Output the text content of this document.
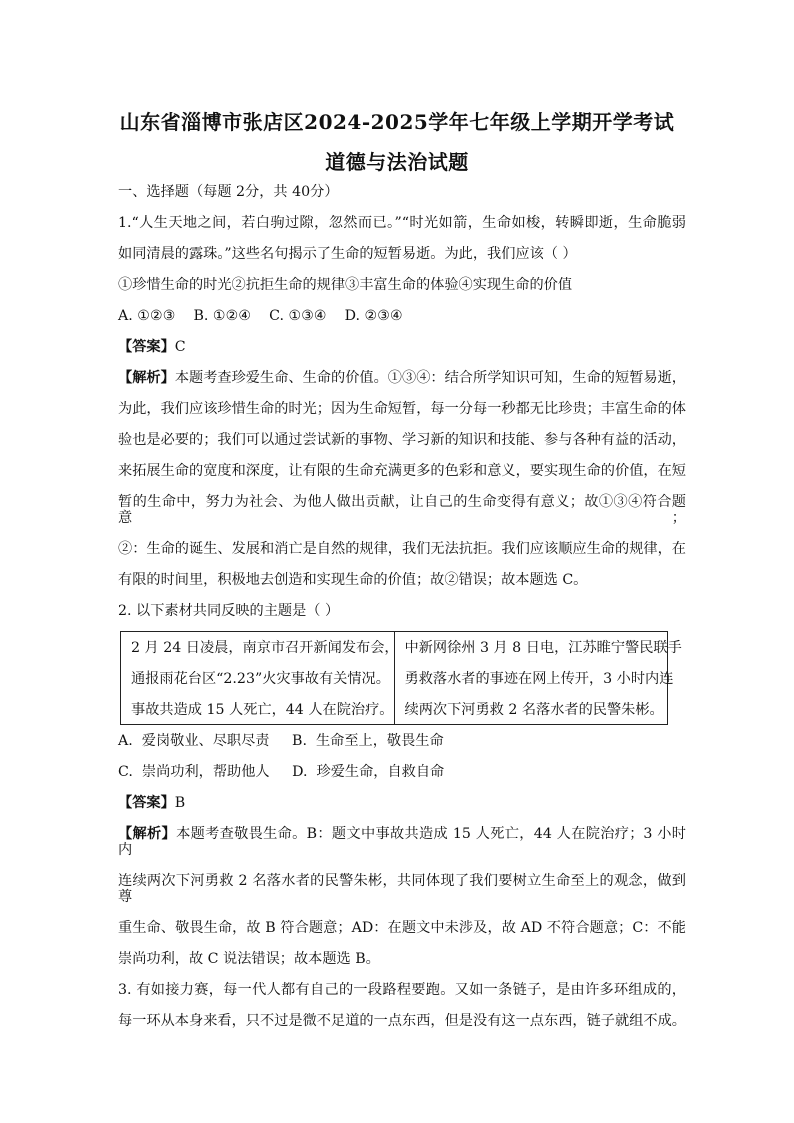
山东省淄博市张店区2024-2025学年七年级上学期开学考试
道德与法治试题
一、选择题（每题 2分，共 40分）
1.“人生天地之间，若白驹过隙，忽然而已。”“时光如箭，生命如梭，转瞬即逝，生命脆弱
如同清晨的露珠。”这些名句揭示了生命的短暂易逝。为此，我们应该（ ）
①珍惜生命的时光②抗拒生命的规律③丰富生命的体验④实现生命的价值
A. ①②③    B. ①②④    C. ①③④    D. ②③④
【答案】C
【解析】本题考查珍爱生命、生命的价值。①③④：结合所学知识可知，生命的短暂易逝，
为此，我们应该珍惜生命的时光；因为生命短暂，每一分每一秒都无比珍贵；丰富生命的体
验也是必要的；我们可以通过尝试新的事物、学习新的知识和技能、参与各种有益的活动，
来拓展生命的宽度和深度，让有限的生命充满更多的色彩和意义，要实现生命的价值，在短
暂的生命中，努力为社会、为他人做出贡献，让自己的生命变得有意义；故①③④符合题意；
②：生命的诞生、发展和消亡是自然的规律，我们无法抗拒。我们应该顺应生命的规律，在
有限的时间里，积极地去创造和实现生命的价值；故②错误；故本题选 C。
2. 以下素材共同反映的主题是（ ）
2 月 24 日凌晨，南京市召开新闻发布会，
通报雨花台区“2.23”火灾事故有关情况。
事故共造成 15 人死亡，44 人在院治疗。

中新网徐州 3 月 8 日电，江苏睢宁警民联手
勇救落水者的事迹在网上传开，3 小时内连
续两次下河勇救 2 名落水者的民警朱彬。
A.  爱岗敬业、尽职尽责     B.  生命至上，敬畏生命
C.  崇尚功利，帮助他人     D.  珍爱生命，自救自命
【答案】B
【解析】本题考查敬畏生命。B：题文中事故共造成 15 人死亡，44 人在院治疗；3 小时内
连续两次下河勇救 2 名落水者的民警朱彬，共同体现了我们要树立生命至上的观念，做到尊
重生命、敬畏生命，故 B 符合题意；AD：在题文中未涉及，故 AD 不符合题意；C：不能
崇尚功利，故 C 说法错误；故本题选 B。
3. 有如接力赛，每一代人都有自己的一段路程要跑。又如一条链子，是由许多环组成的，
每一环从本身来看，只不过是微不足道的一点东西，但是没有这一点东西，链子就组不成。
